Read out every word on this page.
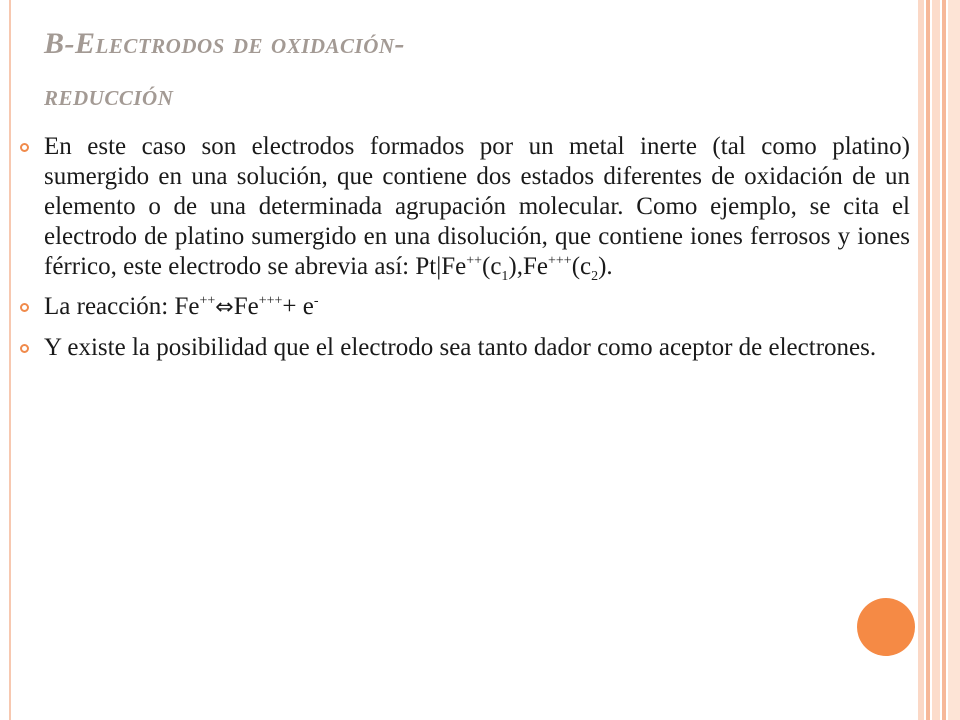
B-Electrodos de oxidación-
reducción
En este caso son electrodos formados por un metal inerte (tal como platino) sumergido en una solución, que contiene dos estados diferentes de oxidación de un elemento o de una determinada agrupación molecular. Como ejemplo, se cita el electrodo de platino sumergido en una disolución, que contiene iones ferrosos y iones férrico, este electrodo se abrevia así: $Pt|Fe^{++}(c_1),Fe^{+++}(c_2)$.
La reacción: Fe++⇔Fe++++ e-
Y existe la posibilidad que el electrodo sea tanto dador como aceptor de electrones.
